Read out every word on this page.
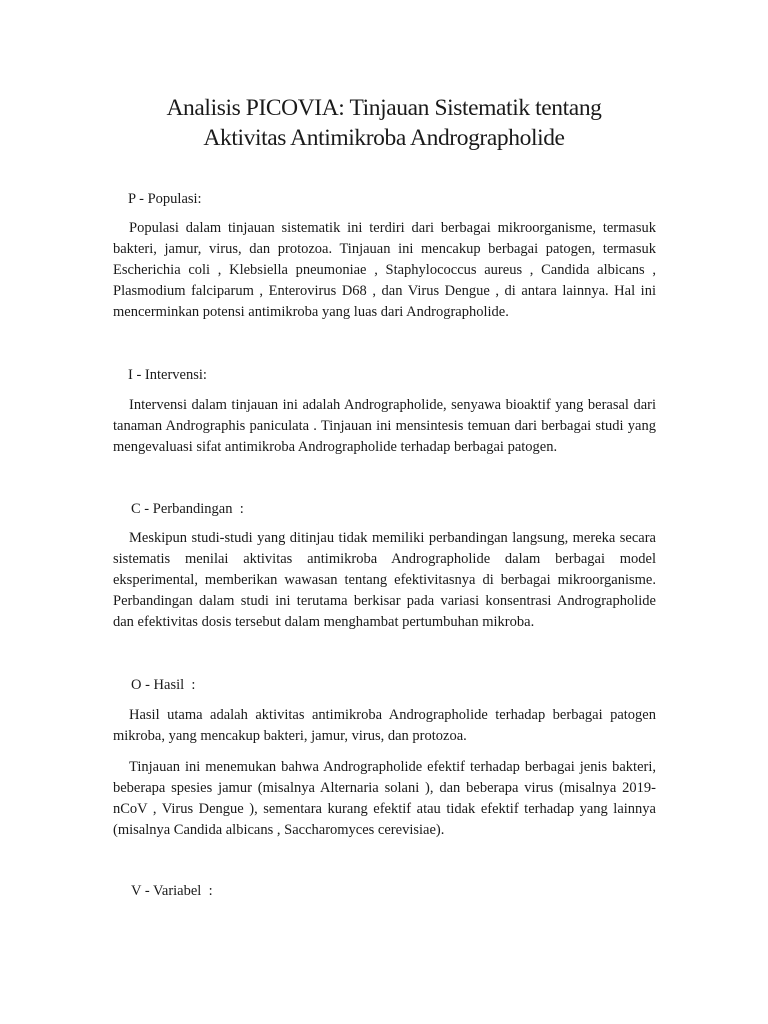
Analisis PICOVIA: Tinjauan Sistematik tentang
Aktivitas Antimikroba Andrographolide
P - Populasi:

Populasi dalam tinjauan sistematik ini terdiri dari berbagai mikroorganisme, termasuk bakteri, jamur, virus, dan protozoa. Tinjauan ini mencakup berbagai patogen, termasuk Escherichia coli , Klebsiella pneumoniae , Staphylococcus aureus , Candida albicans , Plasmodium falciparum , Enterovirus D68 , dan Virus Dengue , di antara lainnya. Hal ini mencerminkan potensi antimikroba yang luas dari Andrographolide.

I - Intervensi:

Intervensi dalam tinjauan ini adalah Andrographolide, senyawa bioaktif yang berasal dari tanaman Andrographis paniculata . Tinjauan ini mensintesis temuan dari berbagai studi yang mengevaluasi sifat antimikroba Andrographolide terhadap berbagai patogen.

C - Perbandingan  :

Meskipun studi-studi yang ditinjau tidak memiliki perbandingan langsung, mereka secara sistematis menilai aktivitas antimikroba Andrographolide dalam berbagai model eksperimental, memberikan wawasan tentang efektivitasnya di berbagai mikroorganisme. Perbandingan dalam studi ini terutama berkisar pada variasi konsentrasi Andrographolide dan efektivitas dosis tersebut dalam menghambat pertumbuhan mikroba.

O - Hasil  :

Hasil utama adalah aktivitas antimikroba Andrographolide terhadap berbagai patogen mikroba, yang mencakup bakteri, jamur, virus, dan protozoa.

Tinjauan ini menemukan bahwa Andrographolide efektif terhadap berbagai jenis bakteri, beberapa spesies jamur (misalnya Alternaria solani ), dan beberapa virus (misalnya 2019-nCoV , Virus Dengue ), sementara kurang efektif atau tidak efektif terhadap yang lainnya (misalnya Candida albicans , Saccharomyces cerevisiae).

V - Variabel  :
